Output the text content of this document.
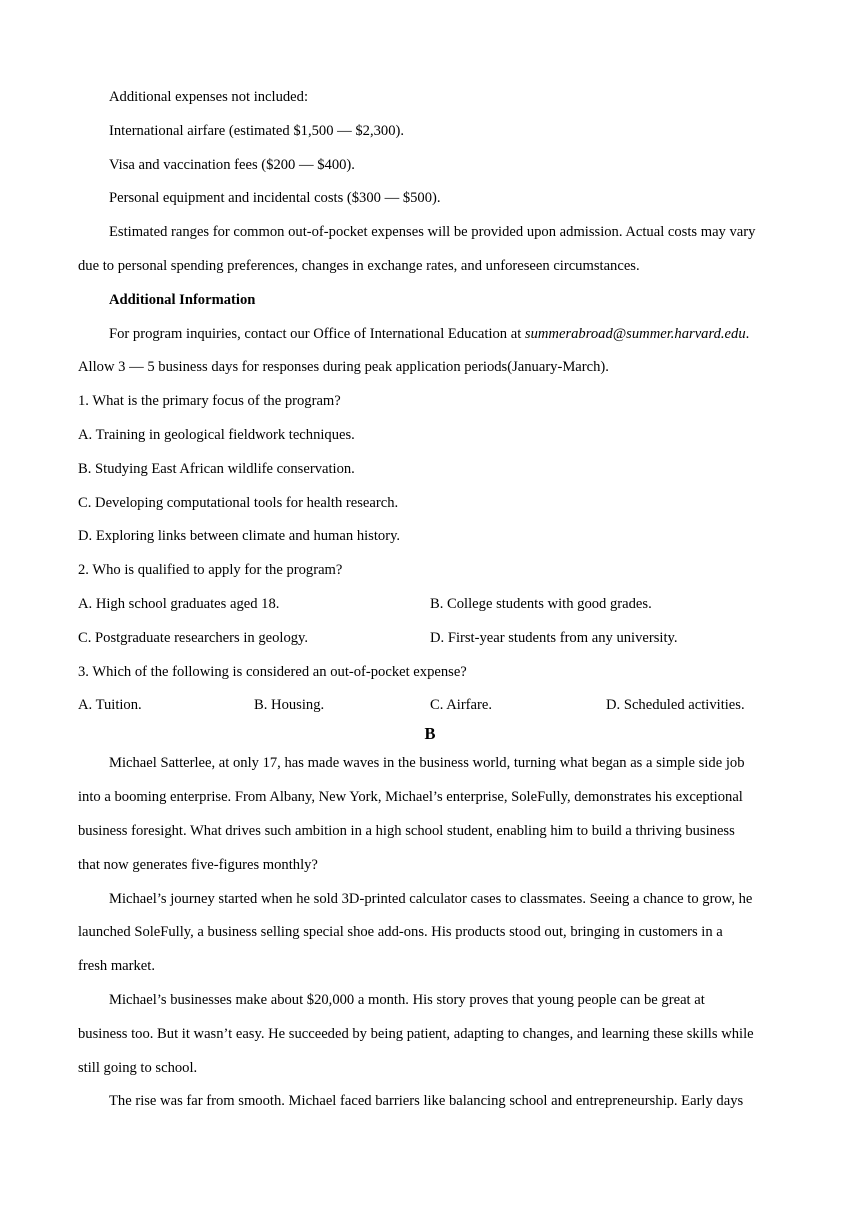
Additional expenses not included:
International airfare (estimated $1,500 — $2,300).
Visa and vaccination fees ($200 — $400).
Personal equipment and incidental costs ($300 — $500).
Estimated ranges for common out-of-pocket expenses will be provided upon admission. Actual costs may vary
due to personal spending preferences, changes in exchange rates, and unforeseen circumstances.
Additional Information
For program inquiries, contact our Office of International Education at summerabroad@summer.harvard.edu.
Allow 3 — 5 business days for responses during peak application periods(January-March).
1. What is the primary focus of the program?
A. Training in geological fieldwork techniques.
B. Studying East African wildlife conservation.
C. Developing computational tools for health research.
D. Exploring links between climate and human history.
2. Who is qualified to apply for the program?
A. High school graduates aged 18.	B. College students with good grades.
C. Postgraduate researchers in geology.	D. First-year students from any university.
3. Which of the following is considered an out-of-pocket expense?
A. Tuition.	B. Housing.	C. Airfare.	D. Scheduled activities.
B
Michael Satterlee, at only 17, has made waves in the business world, turning what began as a simple side job
into a booming enterprise. From Albany, New York, Michael’s enterprise, SoleFully, demonstrates his exceptional
business foresight. What drives such ambition in a high school student, enabling him to build a thriving business
that now generates five-figures monthly?
Michael’s journey started when he sold 3D-printed calculator cases to classmates. Seeing a chance to grow, he
launched SoleFully, a business selling special shoe add-ons. His products stood out, bringing in customers in a
fresh market.
Michael’s businesses make about $20,000 a month. His story proves that young people can be great at
business too. But it wasn’t easy. He succeeded by being patient, adapting to changes, and learning these skills while
still going to school.
The rise was far from smooth. Michael faced barriers like balancing school and entrepreneurship. Early days
